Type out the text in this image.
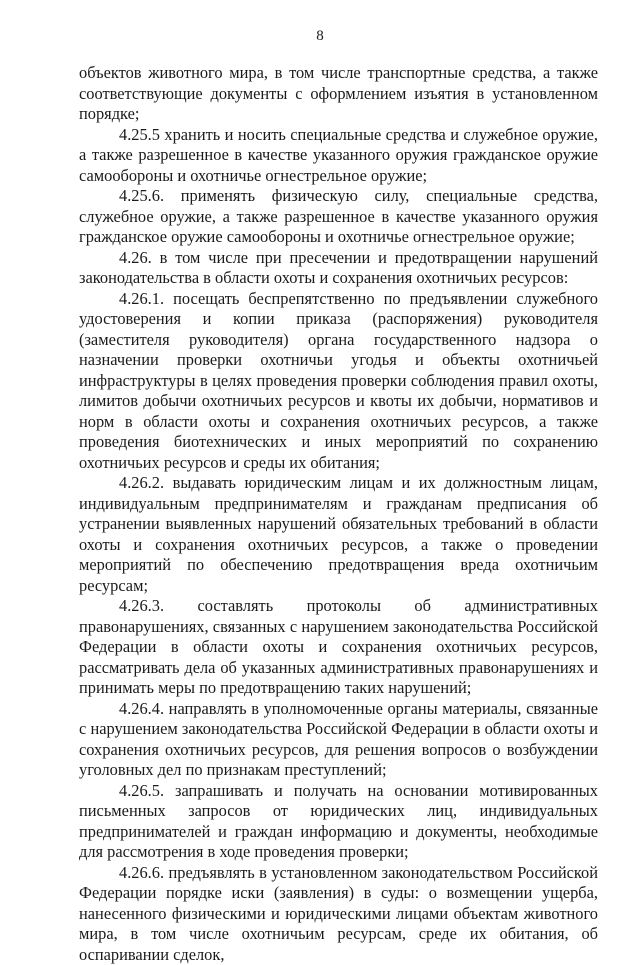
8

объектов животного мира, в том числе транспортные средства, а также соответствующие документы с оформлением изъятия в установленном порядке;

4.25.5 хранить и носить специальные средства и служебное оружие, а также разрешенное в качестве указанного оружия гражданское оружие самообороны и охотничье огнестрельное оружие;

4.25.6. применять физическую силу, специальные средства, служебное оружие, а также разрешенное в качестве указанного оружия гражданское оружие самообороны и охотничье огнестрельное оружие;

4.26. в том числе при пресечении и предотвращении нарушений законодательства в области охоты и сохранения охотничьих ресурсов:

4.26.1. посещать беспрепятственно по предъявлении служебного удостоверения и копии приказа (распоряжения) руководителя (заместителя руководителя) органа государственного надзора о назначении проверки охотничьи угодья и объекты охотничьей инфраструктуры в целях проведения проверки соблюдения правил охоты, лимитов добычи охотничьих ресурсов и квоты их добычи, нормативов и норм в области охоты и сохранения охотничьих ресурсов, а также проведения биотехнических и иных мероприятий по сохранению охотничьих ресурсов и среды их обитания;

4.26.2. выдавать юридическим лицам и их должностным лицам, индивидуальным предпринимателям и гражданам предписания об устранении выявленных нарушений обязательных требований в области охоты и сохранения охотничьих ресурсов, а также о проведении мероприятий по обеспечению предотвращения вреда охотничьим ресурсам;

4.26.3. составлять протоколы об административных правонарушениях, связанных с нарушением законодательства Российской Федерации в области охоты и сохранения охотничьих ресурсов, рассматривать дела об указанных административных правонарушениях и принимать меры по предотвращению таких нарушений;

4.26.4. направлять в уполномоченные органы материалы, связанные с нарушением законодательства Российской Федерации в области охоты и сохранения охотничьих ресурсов, для решения вопросов о возбуждении уголовных дел по признакам преступлений;

4.26.5. запрашивать и получать на основании мотивированных письменных запросов от юридических лиц, индивидуальных предпринимателей и граждан информацию и документы, необходимые для рассмотрения в ходе проведения проверки;

4.26.6. предъявлять в установленном законодательством Российской Федерации порядке иски (заявления) в суды: о возмещении ущерба, нанесенного физическими и юридическими лицами объектам животного мира, в том числе охотничьим ресурсам, среде их обитания, об оспаривании сделок,
